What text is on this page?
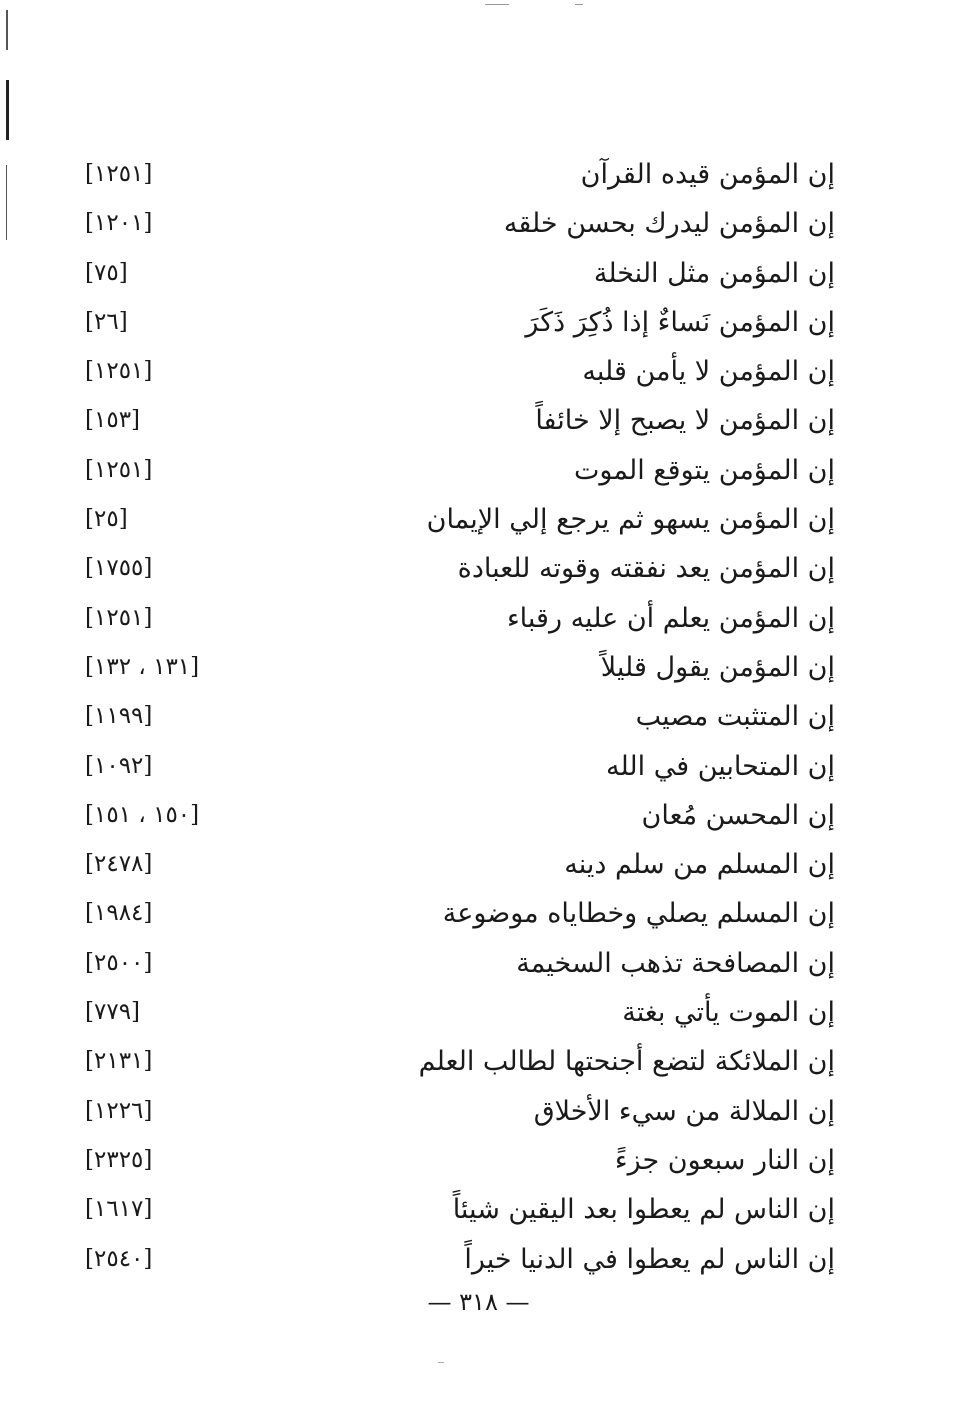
إن المؤمن قيده القرآن
[١٢٥١]
إن المؤمن ليدرك بحسن خلقه
[١٢٠١]
إن المؤمن مثل النخلة
[٧٥]
إن المؤمن نَساءٌ إذا ذُكِرَ ذَكَرَ
[٢٦]
إن المؤمن لا يأمن قلبه
[١٢٥١]
إن المؤمن لا يصبح إلا خائفاً
[١٥٣]
إن المؤمن يتوقع الموت
[١٢٥١]
إن المؤمن يسهو ثم يرجع إلي الإيمان
[٢٥]
إن المؤمن يعد نفقته وقوته للعبادة
[١٧٥٥]
إن المؤمن يعلم أن عليه رقباء
[١٢٥١]
إن المؤمن يقول قليلاً
[١٣١ ، ١٣٢]
إن المتثبت مصيب
[١١٩٩]
إن المتحابين في الله
[١٠٩٢]
إن المحسن مُعان
[١٥٠ ، ١٥١]
إن المسلم من سلم دينه
[٢٤٧٨]
إن المسلم يصلي وخطاياه موضوعة
[١٩٨٤]
إن المصافحة تذهب السخيمة
[٢٥٠٠]
إن الموت يأتي بغتة
[٧٧٩]
إن الملائكة لتضع أجنحتها لطالب العلم
[٢١٣١]
إن الملالة من سيء الأخلاق
[١٢٢٦]
إن النار سبعون جزءً
[٢٣٢٥]
إن الناس لم يعطوا بعد اليقين شيئاً
[١٦١٧]
إن الناس لم يعطوا في الدنيا خيراً
[٢٥٤٠]
— ٣١٨ —
